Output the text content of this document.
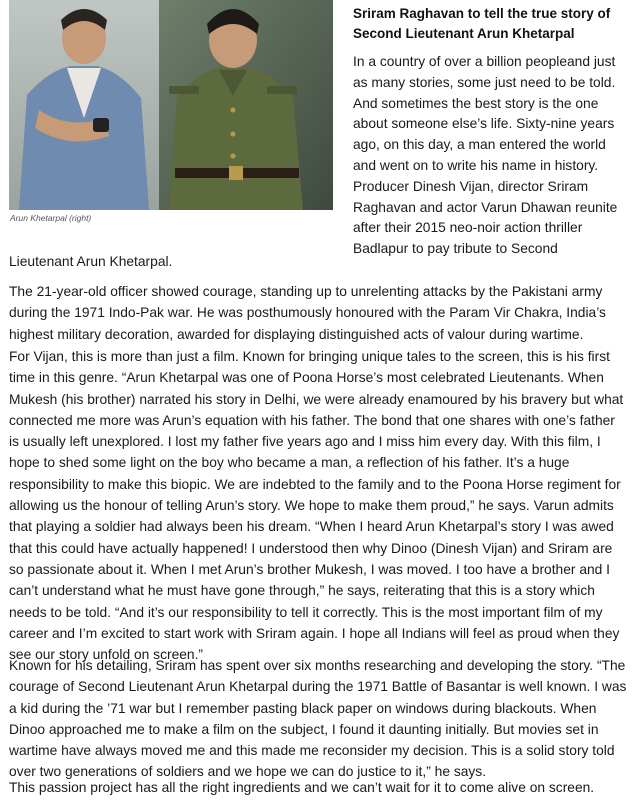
Arun Khetarpal (right)
Sriram Raghavan to tell the true story of Second Lieutenant Arun Khetarpal
In a country of over a billion peopleand just as many stories, some just need to be told. And sometimes the best story is the one about someone else’s life. Sixty-nine years ago, on this day, a man entered the world and went on to write his name in history. Producer Dinesh Vijan, director Sriram Raghavan and actor Varun Dhawan reunite after their 2015 neo-noir action thriller Badlapur to pay tribute to Second
Lieutenant Arun Khetarpal.

The 21-year-old officer showed courage, standing up to unrelenting attacks by the Pakistani army during the 1971 Indo-Pak war. He was posthumously honoured with the Param Vir Chakra, India’s highest military decoration, awarded for displaying distinguished acts of valour during wartime.

For Vijan, this is more than just a film. Known for bringing unique tales to the screen, this is his first time in this genre. “Arun Khetarpal was one of Poona Horse’s most celebrated Lieutenants. When Mukesh (his brother) narrated his story in Delhi, we were already enamoured by his bravery but what connected me more was Arun’s equation with his father. The bond that one shares with one’s father is usually left unexplored. I lost my father five years ago and I miss him every day. With this film, I hope to shed some light on the boy who became a man, a reflection of his father. It’s a huge responsibility to make this biopic. We are indebted to the family and to the Poona Horse regiment for allowing us the honour of telling Arun’s story. We hope to make them proud,” he says. Varun admits that playing a soldier had always been his dream. “When I heard Arun Khetarpal’s story I was awed that this could have actually happened! I understood then why Dinoo (Dinesh Vijan) and Sriram are so passionate about it. When I met Arun’s brother Mukesh, I was moved. I too have a brother and I can’t understand what he must have gone through,” he says, reiterating that this is a story which needs to be told. “And it’s our responsibility to tell it correctly. This is the most important film of my career and I’m excited to start work with Sriram again. I hope all Indians will feel as proud when they see our story unfold on screen.”

Known for his detailing, Sriram has spent over six months researching and developing the story. “The courage of Second Lieutenant Arun Khetarpal during the 1971 Battle of Basantar is well known. I was a kid during the ’71 war but I remember pasting black paper on windows during blackouts. When Dinoo approached me to make a film on the subject, I found it daunting initially. But movies set in wartime have always moved me and this made me reconsider my decision. This is a solid story told over two generations of soldiers and we hope we can do justice to it,” he says.

This passion project has all the right ingredients and we can’t wait for it to come alive on screen.
